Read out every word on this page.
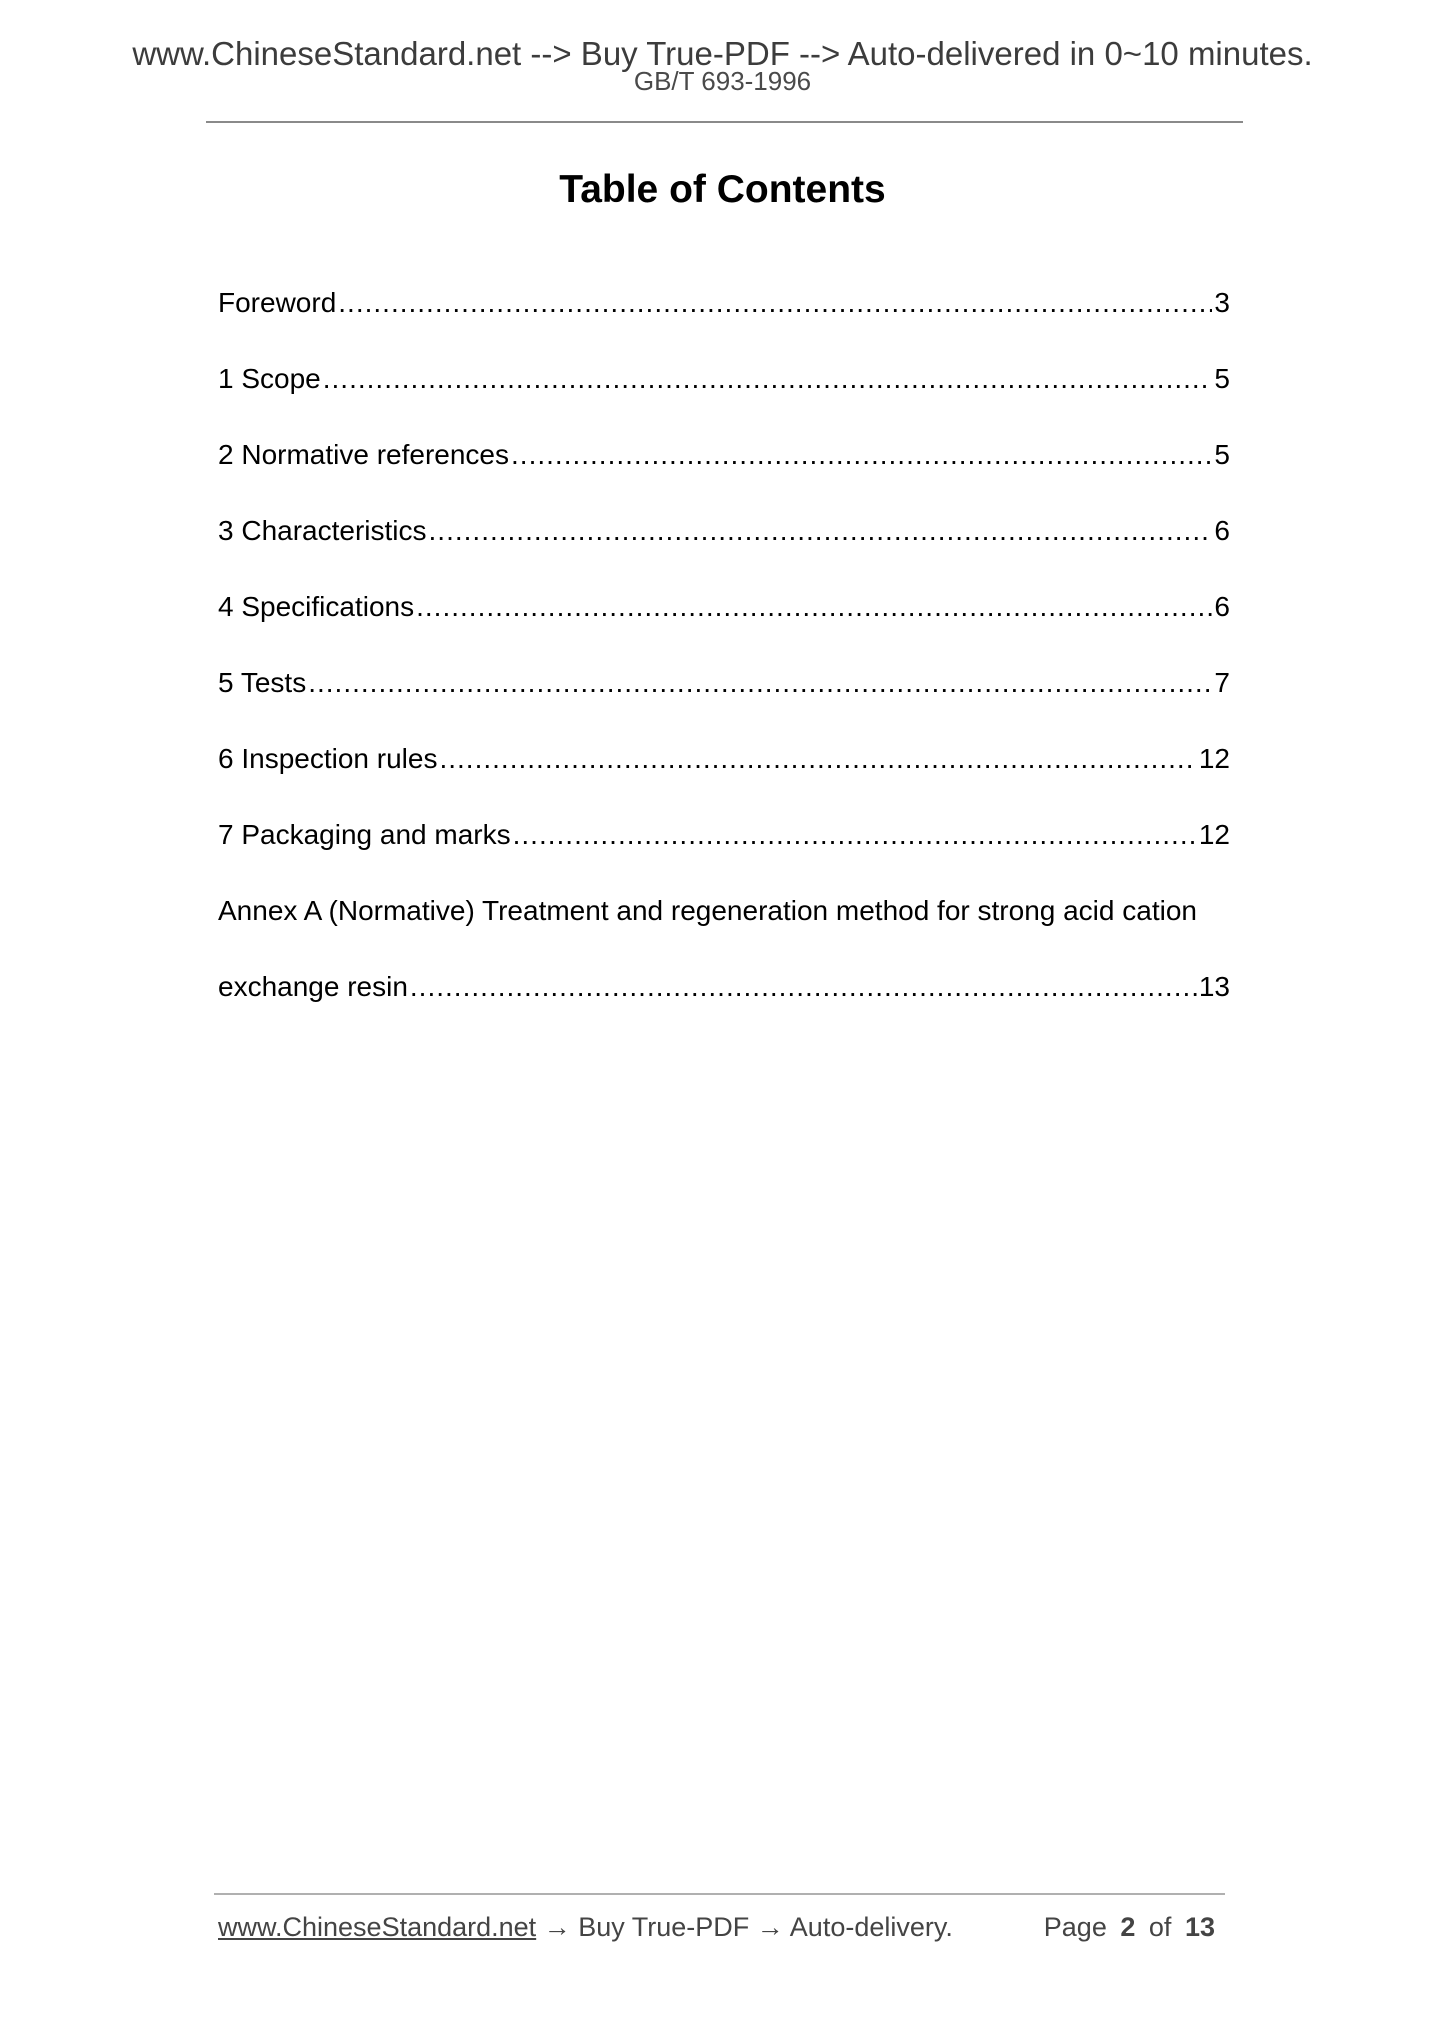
www.ChineseStandard.net --> Buy True-PDF --> Auto-delivered in 0~10 minutes.
GB/T 693-1996
Table of Contents
Foreword .....	3
1 Scope .....	5
2 Normative references .....	5
3 Characteristics .....	6
4 Specifications .....	6
5 Tests .....	7
6 Inspection rules .....	12
7 Packaging and marks .....	12
Annex A (Normative) Treatment and regeneration method for strong acid cation
exchange resin .....	13
www.ChineseStandard.net → Buy True-PDF → Auto-delivery.	Page 2 of 13
